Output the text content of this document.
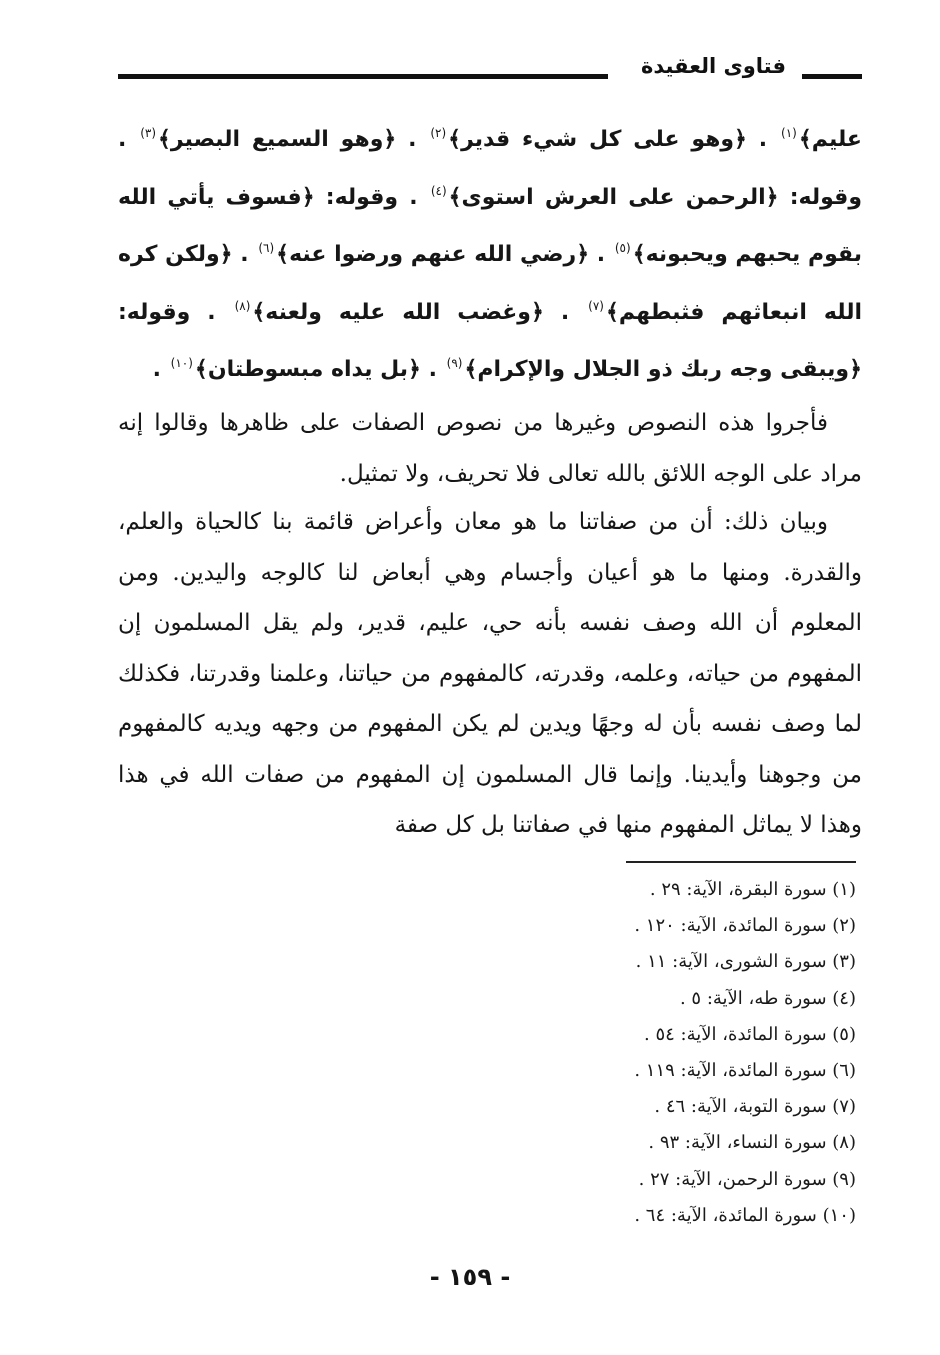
فتاوى العقيدة
عليم﴾$^{(١)}$ . ﴿وهو على كل شيء قدير﴾$^{(٢)}$ . ﴿وهو السميع البصير﴾$^{(٣)}$ . وقوله: ﴿الرحمن على العرش استوى﴾$^{(٤)}$ . وقوله: ﴿فسوف يأتي الله بقوم يحبهم ويحبونه﴾$^{(٥)}$ . ﴿رضي الله عنهم ورضوا عنه﴾$^{(٦)}$ . ﴿ولكن كره الله انبعاثهم فثبطهم﴾$^{(٧)}$ . ﴿وغضب الله عليه ولعنه﴾$^{(٨)}$ . وقوله: ﴿ويبقى وجه ربك ذو الجلال والإكرام﴾$^{(٩)}$ . ﴿بل يداه مبسوطتان﴾$^{(١٠)}$ .

فأجروا هذه النصوص وغيرها من نصوص الصفات على ظاهرها وقالوا إنه مراد على الوجه اللائق بالله تعالى فلا تحريف، ولا تمثيل.

وبيان ذلك: أن من صفاتنا ما هو معان وأعراض قائمة بنا كالحياة والعلم، والقدرة. ومنها ما هو أعيان وأجسام وهي أبعاض لنا كالوجه واليدين. ومن المعلوم أن الله وصف نفسه بأنه حي، عليم، قدير، ولم يقل المسلمون إن المفهوم من حياته، وعلمه، وقدرته، كالمفهوم من حياتنا، وعلمنا وقدرتنا، فكذلك لما وصف نفسه بأن له وجهًا ويدين لم يكن المفهوم من وجهه ويديه كالمفهوم من وجوهنا وأيدينا. وإنما قال المسلمون إن المفهوم من صفات الله في هذا وهذا لا يماثل المفهوم منها في صفاتنا بل كل صفة

(١) سورة البقرة، الآية: ٢٩ .
(٢) سورة المائدة، الآية: ١٢٠ .
(٣) سورة الشورى، الآية: ١١ .
(٤) سورة طه، الآية: ٥ .
(٥) سورة المائدة، الآية: ٥٤ .
(٦) سورة المائدة، الآية: ١١٩ .
(٧) سورة التوبة، الآية: ٤٦ .
(٨) سورة النساء، الآية: ٩٣ .
(٩) سورة الرحمن، الآية: ٢٧ .
(١٠) سورة المائدة، الآية: ٦٤ .
- ١٥٩ -
